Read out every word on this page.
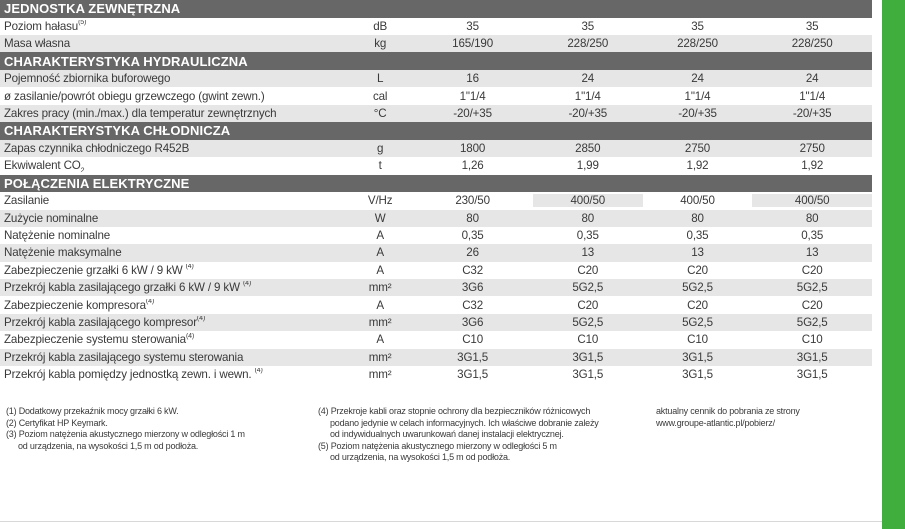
JEDNOSTKA ZEWNĘTRZNA
Poziom hałasu$^{(5)}$	dB	35	35	35	35
Masa własna	kg	165/190	228/250	228/250	228/250
CHARAKTERYSTYKA HYDRAULICZNA
Pojemność zbiornika buforowego	L	16	24	24	24
ø zasilanie/powrót obiegu grzewczego (gwint zewn.)	cal	1"1/4	1"1/4	1"1/4	1"1/4
Zakres pracy (min./max.) dla temperatur zewnętrznych	°C	-20/+35	-20/+35	-20/+35	-20/+35
CHARAKTERYSTYKA CHŁODNICZA
Zapas czynnika chłodniczego R452B	g	1800	2850	2750	2750
Ekwiwalent $CO_2$	t	1,26	1,99	1,92	1,92
POŁĄCZENIA ELEKTRYCZNE
Zasilanie	V/Hz	230/50	400/50	400/50	400/50
Zużycie nominalne	W	80	80	80	80
Natężenie nominalne	A	0,35	0,35	0,35	0,35
Natężenie maksymalne	A	26	13	13	13
Zabezpieczenie grzałki 6 kW / 9 kW $^{(4)}$	A	C32	C20	C20	C20
Przekrój kabla zasilającego grzałki 6 kW / 9 kW $^{(4)}$	mm²	3G6	5G2,5	5G2,5	5G2,5
Zabezpieczenie kompresora$^{(4)}$	A	C32	C20	C20	C20
Przekrój kabla zasilającego kompresor$^{(4)}$	mm²	3G6	5G2,5	5G2,5	5G2,5
Zabezpieczenie systemu sterowania$^{(4)}$	A	C10	C10	C10	C10
Przekrój kabla zasilającego systemu sterowania	mm²	3G1,5	3G1,5	3G1,5	3G1,5
Przekrój kabla pomiędzy jednostką zewn. i wewn. $^{(4)}$	mm²	3G1,5	3G1,5	3G1,5	3G1,5
(1) Dodatkowy przekaźnik mocy grzałki 6 kW.
(2) Certyfikat HP Keymark.
(3) Poziom natężenia akustycznego mierzony w odległości 1 m
od urządzenia, na wysokości 1,5 m od podłoża.
(4) Przekroje kabli oraz stopnie ochrony dla bezpieczników różnicowych
podano jedynie w celach informacyjnych. Ich właściwe dobranie zależy
od indywidualnych uwarunkowań danej instalacji elektrycznej.
(5) Poziom natężenia akustycznego mierzony w odległości 5 m
od urządzenia, na wysokości 1,5 m od podłoża.
aktualny cennik do pobrania ze strony
www.groupe-atlantic.pl/pobierz/
